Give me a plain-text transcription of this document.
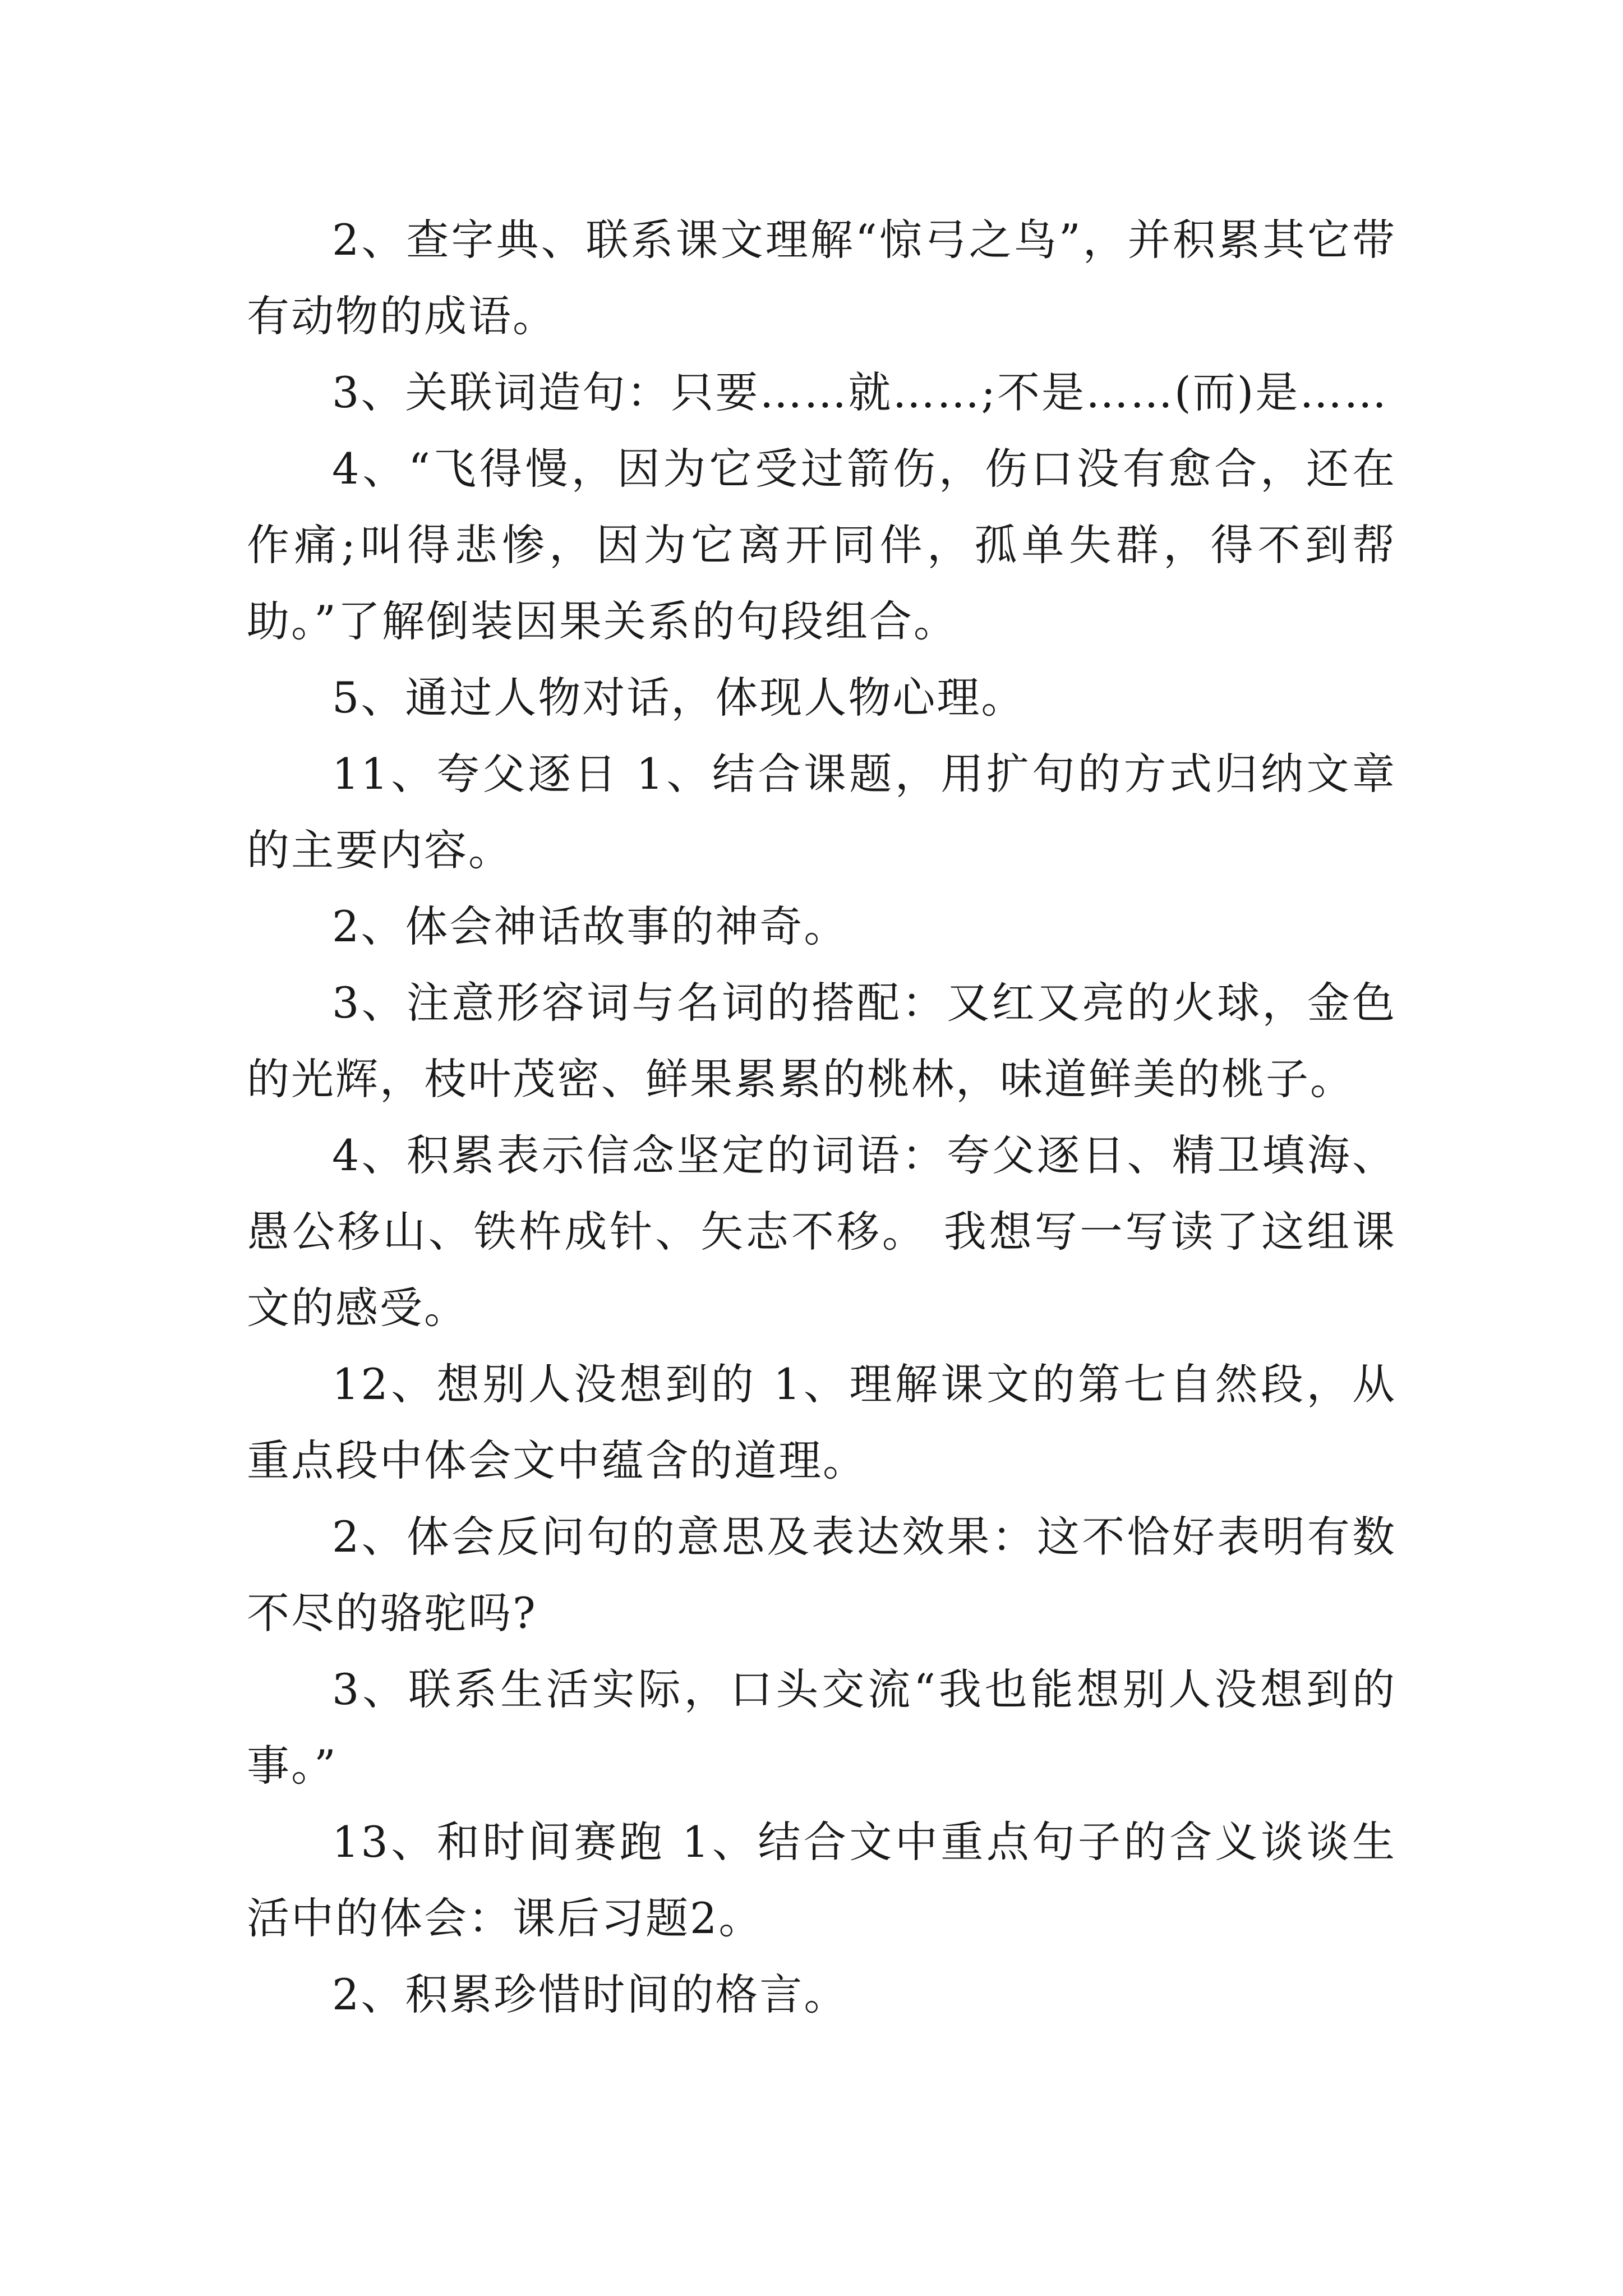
2、查字典、联系课文理解“惊弓之鸟”，并积累其它带有动物的成语。

3、关联词造句：只要……就……;不是……(而)是……

4、“飞得慢，因为它受过箭伤，伤口没有愈合，还在作痛;叫得悲惨，因为它离开同伴，孤单失群，得不到帮助。”了解倒装因果关系的句段组合。

5、通过人物对话，体现人物心理。

11、夸父逐日 1、结合课题，用扩句的方式归纳文章的主要内容。

2、体会神话故事的神奇。

3、注意形容词与名词的搭配：又红又亮的火球，金色的光辉，枝叶茂密、鲜果累累的桃林，味道鲜美的桃子。

4、积累表示信念坚定的词语：夸父逐日、精卫填海、愚公移山、铁杵成针、矢志不移。 我想写一写读了这组课文的感受。

12、想别人没想到的 1、理解课文的第七自然段，从重点段中体会文中蕴含的道理。

2、体会反问句的意思及表达效果：这不恰好表明有数不尽的骆驼吗?

3、联系生活实际，口头交流“我也能想别人没想到的事。”

13、和时间赛跑 1、结合文中重点句子的含义谈谈生活中的体会：课后习题2。

2、积累珍惜时间的格言。
